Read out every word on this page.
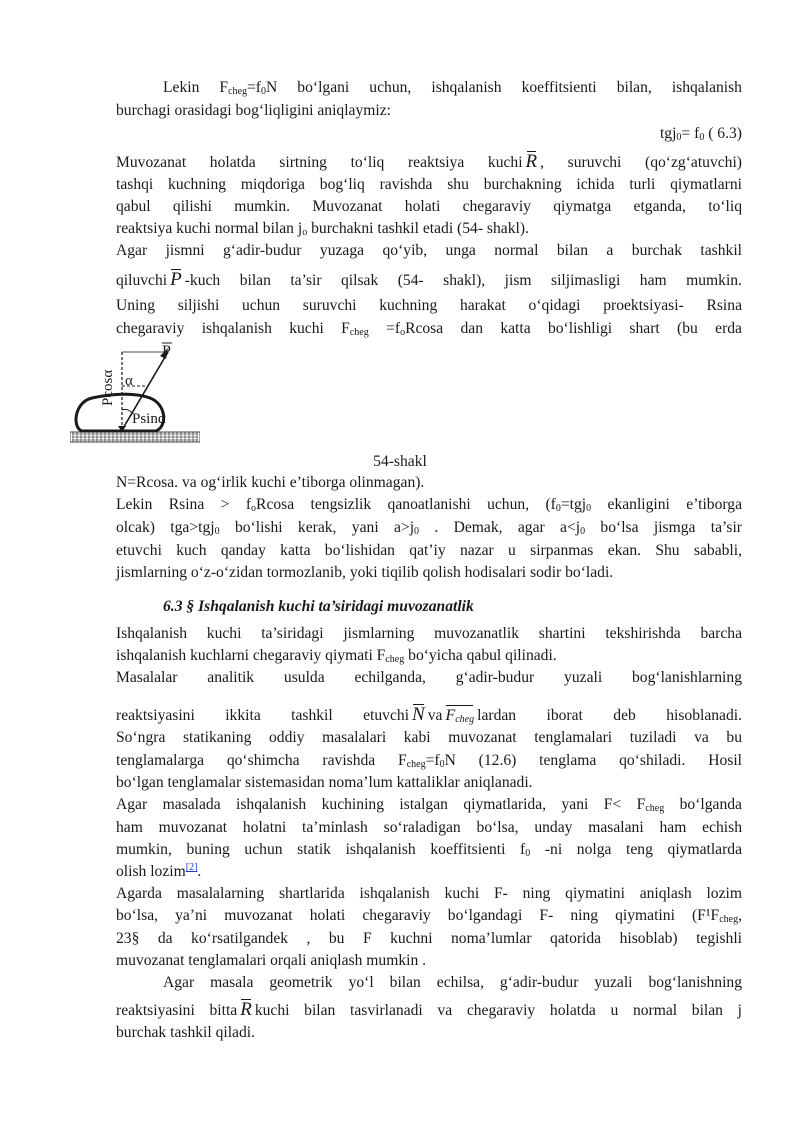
Lekin $F_{cheg}=f_0N$ bo‘lgani uchun, ishqalanish koeffitsienti bilan, ishqalanish
burchagi orasidagi bog‘liqligini aniqlaymiz:
$tgj_0= f_0$ ( 6.3)
Muvozanat holatda sirtning to‘liq reaktsiya kuchi R , suruvchi (qo‘zg‘atuvchi)
tashqi kuchning miqdoriga bog‘liq ravishda shu burchakning ichida turli qiymatlarni
qabul qilishi mumkin. Muvozanat holati chegaraviy qiymatga etganda, to‘liq
reaktsiya kuchi normal bilan $j_o$ burchakni tashkil etadi (54- shakl).
Agar jismni g‘adir-budur yuzaga qo‘yib, unga normal bilan a burchak tashkil
qiluvchi P -kuch bilan ta’sir qilsak (54- shakl), jism siljimasligi ham mumkin.
Uning siljishi uchun suruvchi kuchning harakat o‘qidagi proektsiyasi- Rsina
chegaraviy ishqalanish kuchi $F_{cheg} =f_oRcosa$ dan katta bo‘lishligi shart (bu erda
Pcosα
P
α
Psinα
54-shakl
N=Rcosa. va og‘irlik kuchi e’tiborga olinmagan).
Lekin $Rsina > f_oRcosa$ tengsizlik qanoatlanishi uchun, ($f_0=tgj_0$ ekanligini e’tiborga
olcak) tga>tgj$_0$ bo‘lishi kerak, yani $a>j_0$ . Demak, agar $a<j_0$ bo‘lsa jismga ta’sir
etuvchi kuch qanday katta bo‘lishidan qat’iy nazar u sirpanmas ekan. Shu sababli,
jismlarning o‘z-o‘zidan tormozlanib, yoki tiqilib qolish hodisalari sodir bo‘ladi.
6.3 § Ishqalanish kuchi ta’siridagi muvozanatlik
Ishqalanish kuchi ta’siridagi jismlarning muvozanatlik shartini tekshirishda barcha
ishqalanish kuchlarni chegaraviy qiymati $F_{cheg}$ bo‘yicha qabul qilinadi.
Masalalar analitik usulda echilganda, g‘adir-budur yuzali bog‘lanishlarning
reaktsiyasini ikkita tashkil etuvchi N va $F_{cheg}$ lardan iborat deb hisoblanadi.
So‘ngra statikaning oddiy masalalari kabi muvozanat tenglamalari tuziladi va bu
tenglamalarga qo‘shimcha ravishda $F_{cheg}=f_0N$ (12.6) tenglama qo‘shiladi. Hosil
bo‘lgan tenglamalar sistemasidan noma’lum kattaliklar aniqlanadi.
Agar masalada ishqalanish kuchining istalgan qiymatlarida, yani $F< F_{cheg}$ bo‘lganda
ham muvozanat holatni ta’minlash so‘raladigan bo‘lsa, unday masalani ham echish
mumkin, buning uchun statik ishqalanish koeffitsienti $f_0$ -ni nolga teng qiymatlarda
olish lozim[2].
Agarda masalalarning shartlarida ishqalanish kuchi F- ning qiymatini aniqlash lozim
bo‘lsa, ya’ni muvozanat holati chegaraviy bo‘lgandagi F- ning qiymatini ($F^1F_{cheg}$,
23§ da ko‘rsatilgandek , bu F kuchni noma’lumlar qatorida hisoblab) tegishli
muvozanat tenglamalari orqali aniqlash mumkin .
Agar masala geometrik yo‘l bilan echilsa, g‘adir-budur yuzali bog‘lanishning
reaktsiyasini bitta R kuchi bilan tasvirlanadi va chegaraviy holatda u normal bilan j
burchak tashkil qiladi.
